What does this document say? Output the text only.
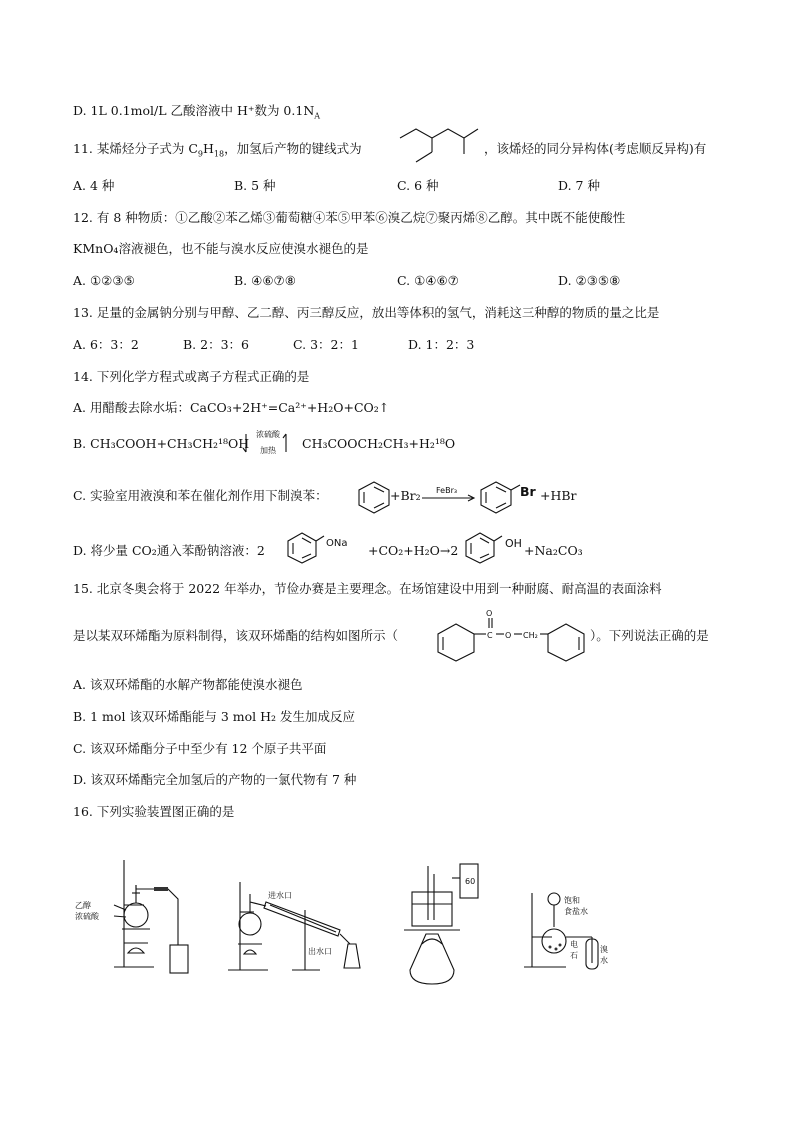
D. 1L 0.1mol/L 乙酸溶液中 H⁺数为 $0.1N_A$
11. 某烯烃分子式为 $C_9H_{18}$，加氢后产物的键线式为	，该烯烃的同分异构体(考虑顺反异构)有
A. 4 种	B. 5 种	C. 6 种	D. 7 种
12. 有 8 种物质：①乙酸②苯乙烯③葡萄糖④苯⑤甲苯⑥溴乙烷⑦聚丙烯⑧乙醇。其中既不能使酸性
KMnO₄溶液褪色，也不能与溴水反应使溴水褪色的是
A. ①②③⑤	B. ④⑥⑦⑧	C. ①④⑥⑦	D. ②③⑤⑧
13. 足量的金属钠分别与甲醇、乙二醇、丙三醇反应，放出等体积的氢气，消耗这三种醇的物质的量之比是
A. 6：3：2	B. 2：3：6	C. 3：2：1	D. 1：2：3
14. 下列化学方程式或离子方程式正确的是
A. 用醋酸去除水垢：CaCO₃+2H⁺=Ca²⁺+H₂O+CO₂↑
B. CH₃COOH+CH₃CH₂¹⁸OH
浓硫酸
加热 CH₃COOCH₂CH₃+H₂¹⁸O
C. 实验室用液溴和苯在催化剂作用下制溴苯：	+Br₂ FeBr₃	Br +HBr
D. 将少量 CO₂通入苯酚钠溶液：2	ONa +CO₂+H₂O→2	OH +Na₂CO₃
15. 北京冬奥会将于 2022 年举办，节俭办赛是主要理念。在场馆建设中用到一种耐腐、耐高温的表面涂料
是以某双环烯酯为原料制得，该双环烯酯的结构如图所示（
O
C O CH₂	）。下列说法正确的是
A. 该双环烯酯的水解产物都能使溴水褪色
B. 1 mol 该双环烯酯能与 3 mol H₂ 发生加成反应
C. 该双环烯酯分子中至少有 12 个原子共平面
D. 该双环烯酯完全加氢后的产物的一氯代物有 7 种
16. 下列实验装置图正确的是
乙醇
浓硫酸
进水口
出水口
60
饱和
食盐水
电
石
溴
水
